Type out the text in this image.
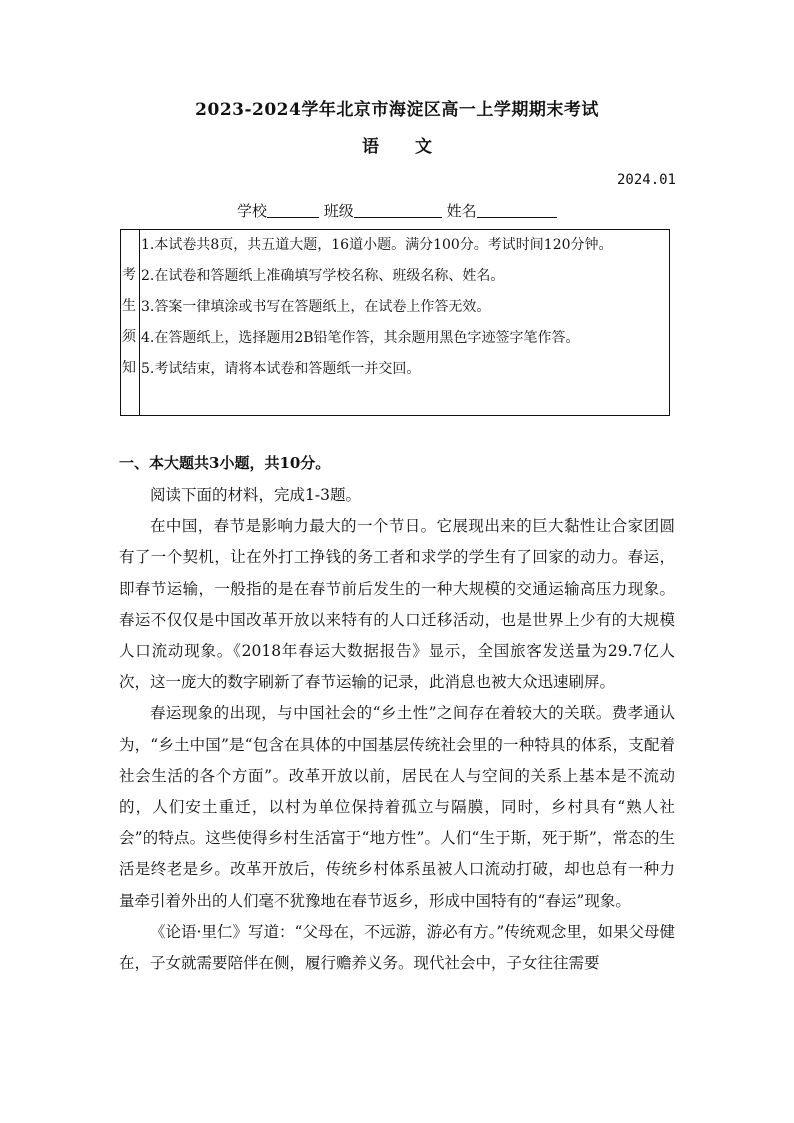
2023-2024学年北京市海淀区高一上学期期末考试
语 文
2024.01
学校	班级	姓名
考
生
须
知
1.本试卷共8页，共五道大题，16道小题。满分100分。考试时间120分钟。
2.在试卷和答题纸上准确填写学校名称、班级名称、姓名。
3.答案一律填涂或书写在答题纸上，在试卷上作答无效。
4.在答题纸上，选择题用2B铅笔作答，其余题用黑色字迹签字笔作答。
5.考试结束，请将本试卷和答题纸一并交回。
一、本大题共3小题，共10分。

阅读下面的材料，完成1-3题。

在中国，春节是影响力最大的一个节日。它展现出来的巨大黏性让合家团圆有了一个契机，让在外打工挣钱的务工者和求学的学生有了回家的动力。春运，即春节运输，一般指的是在春节前后发生的一种大规模的交通运输高压力现象。春运不仅仅是中国改革开放以来特有的人口迁移活动，也是世界上少有的大规模人口流动现象。《2018年春运大数据报告》显示，全国旅客发送量为29.7亿人次，这一庞大的数字刷新了春节运输的记录，此消息也被大众迅速刷屏。

春运现象的出现，与中国社会的“乡土性”之间存在着较大的关联。费孝通认为，“乡土中国”是“包含在具体的中国基层传统社会里的一种特具的体系，支配着社会生活的各个方面”。改革开放以前，居民在人与空间的关系上基本是不流动的，人们安土重迁，以村为单位保持着孤立与隔膜，同时，乡村具有“熟人社会”的特点。这些使得乡村生活富于“地方性”。人们“生于斯，死于斯”，常态的生活是终老是乡。改革开放后，传统乡村体系虽被人口流动打破，却也总有一种力量牵引着外出的人们毫不犹豫地在春节返乡，形成中国特有的“春运”现象。

《论语·里仁》写道：“父母在，不远游，游必有方。”传统观念里，如果父母健在，子女就需要陪伴在侧，履行赡养义务。现代社会中，子女往往需要
